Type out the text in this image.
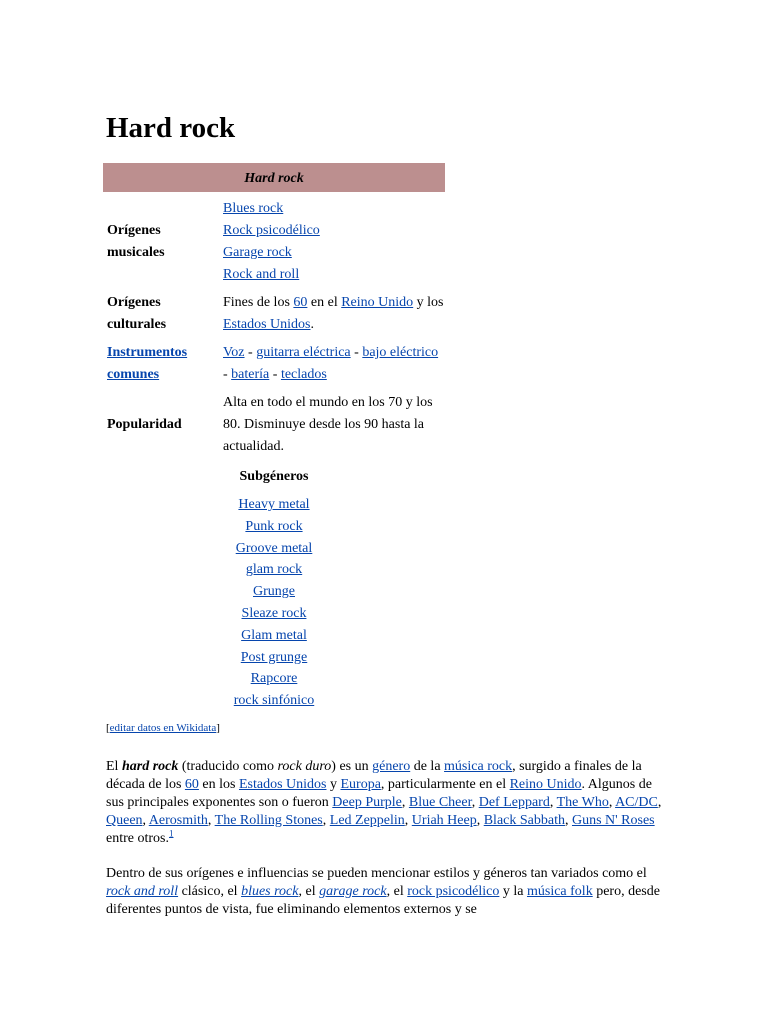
Hard rock
Hard rock
Orígenes
musicales
Blues rock
Rock psicodélico
Garage rock
Rock and roll
Orígenes
culturales
Fines de los 60 en el Reino Unido y los Estados Unidos.
Instrumentos
comunes
Voz - guitarra eléctrica - bajo eléctrico - batería - teclados
Popularidad
Alta en todo el mundo en los 70 y los 80. Disminuye desde los 90 hasta la actualidad.
Subgéneros
Heavy metal
Punk rock
Groove metal
glam rock
Grunge
Sleaze rock
Glam metal
Post grunge
Rapcore
rock sinfónico
[editar datos en Wikidata]

El hard rock (traducido como rock duro) es un género de la música rock, surgido a finales de la década de los 60 en los Estados Unidos y Europa, particularmente en el Reino Unido. Algunos de sus principales exponentes son o fueron Deep Purple, Blue Cheer, Def Leppard, The Who, AC/DC, Queen, Aerosmith, The Rolling Stones, Led Zeppelin, Uriah Heep, Black Sabbath, Guns N' Roses entre otros.$^1$

Dentro de sus orígenes e influencias se pueden mencionar estilos y géneros tan variados como el rock and roll clásico, el blues rock, el garage rock, el rock psicodélico y la música folk pero, desde diferentes puntos de vista, fue eliminando elementos externos y se
